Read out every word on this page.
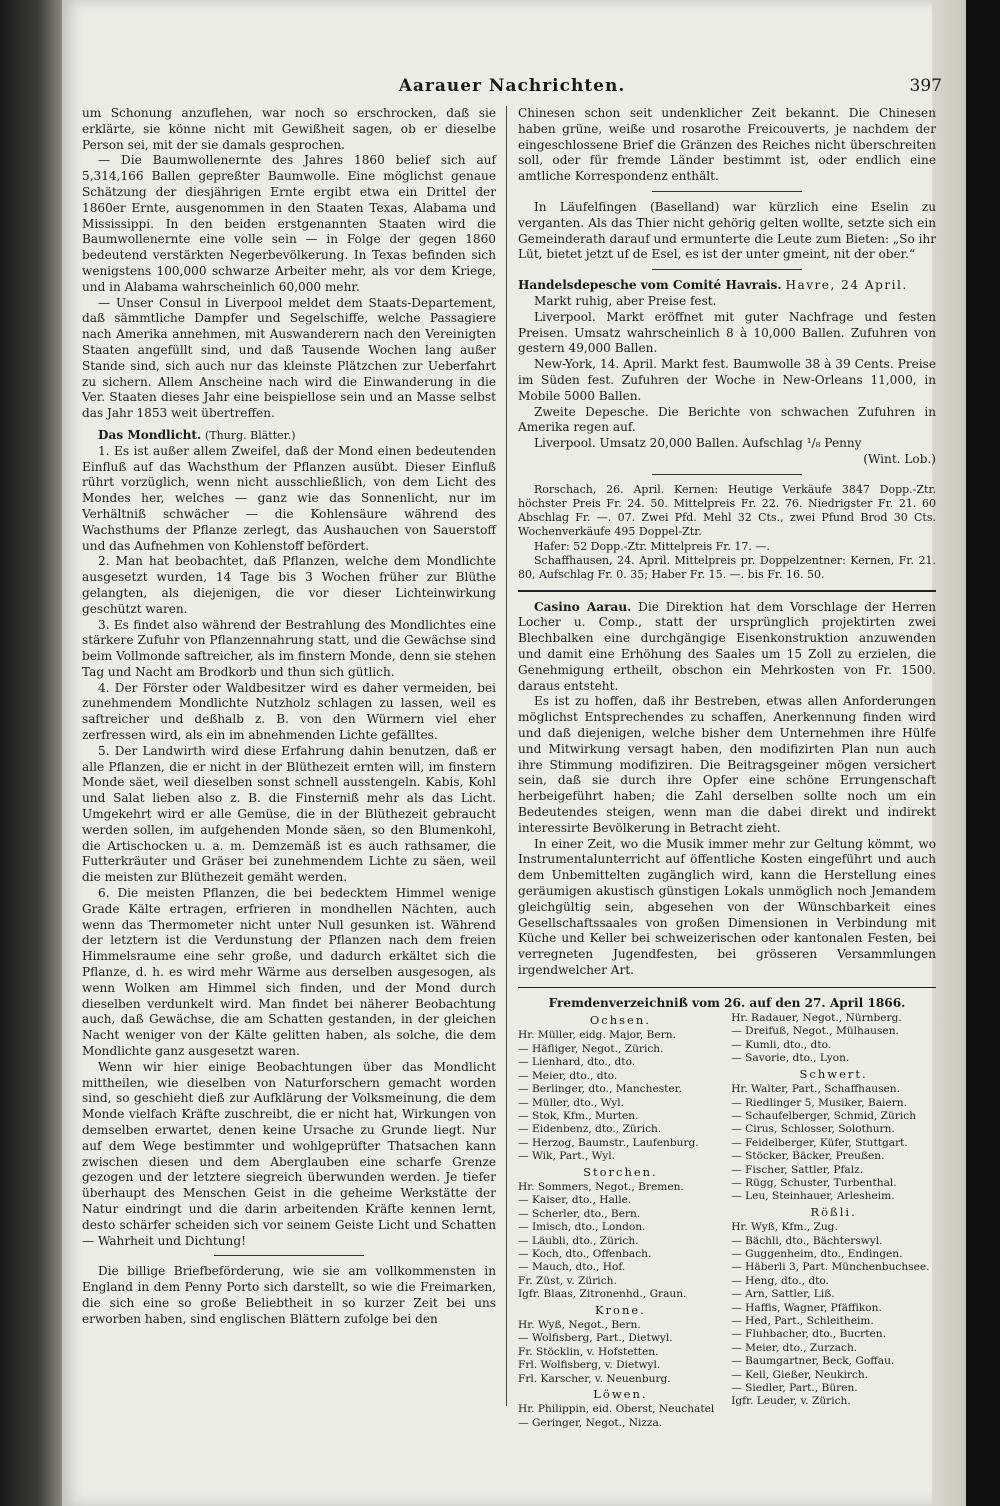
Aarauer Nachrichten.	397

um Schonung anzuflehen, war noch so erschrocken, daß sie erklärte, sie könne nicht mit Gewißheit sagen, ob er dieselbe Person sei, mit der sie damals gesprochen.

— Die Baumwollenernte des Jahres 1860 belief sich auf 5,314,166 Ballen gepreßter Baumwolle. Eine möglichst genaue Schätzung der diesjährigen Ernte ergibt etwa ein Drittel der 1860er Ernte, ausgenommen in den Staaten Texas, Alabama und Mississippi. In den beiden erstgenannten Staaten wird die Baumwollenernte eine volle sein — in Folge der gegen 1860 bedeutend verstärkten Negerbevölkerung. In Texas befinden sich wenigstens 100,000 schwarze Arbeiter mehr, als vor dem Kriege, und in Alabama wahrscheinlich 60,000 mehr.

— Unser Consul in Liverpool meldet dem Staats-Departement, daß sämmtliche Dampfer und Segelschiffe, welche Passagiere nach Amerika annehmen, mit Auswanderern nach den Vereinigten Staaten angefüllt sind, und daß Tausende Wochen lang außer Stande sind, sich auch nur das kleinste Plätzchen zur Ueberfahrt zu sichern. Allem Anscheine nach wird die Einwanderung in die Ver. Staaten dieses Jahr eine beispiellose sein und an Masse selbst das Jahr 1853 weit übertreffen.

Das Mondlicht. (Thurg. Blätter.)

1. Es ist außer allem Zweifel, daß der Mond einen bedeutenden Einfluß auf das Wachsthum der Pflanzen ausübt. Dieser Einfluß rührt vorzüglich, wenn nicht ausschließlich, von dem Licht des Mondes her, welches — ganz wie das Sonnenlicht, nur im Verhältniß schwächer — die Kohlensäure während des Wachsthums der Pflanze zerlegt, das Aushauchen von Sauerstoff und das Aufnehmen von Kohlenstoff befördert.

2. Man hat beobachtet, daß Pflanzen, welche dem Mondlichte ausgesetzt wurden, 14 Tage bis 3 Wochen früher zur Blüthe gelangten, als diejenigen, die vor dieser Lichteinwirkung geschützt waren.

3. Es findet also während der Bestrahlung des Mondlichtes eine stärkere Zufuhr von Pflanzennahrung statt, und die Gewächse sind beim Vollmonde saftreicher, als im finstern Monde, denn sie stehen Tag und Nacht am Brodkorb und thun sich gütlich.

4. Der Förster oder Waldbesitzer wird es daher vermeiden, bei zunehmendem Mondlichte Nutzholz schlagen zu lassen, weil es saftreicher und deßhalb z. B. von den Würmern viel eher zerfressen wird, als ein im abnehmenden Lichte gefälltes.

5. Der Landwirth wird diese Erfahrung dahin benutzen, daß er alle Pflanzen, die er nicht in der Blüthezeit ernten will, im finstern Monde säet, weil dieselben sonst schnell ausstengeln. Kabis, Kohl und Salat lieben also z. B. die Finsterniß mehr als das Licht. Umgekehrt wird er alle Gemüse, die in der Blüthezeit gebraucht werden sollen, im aufgehenden Monde säen, so den Blumenkohl, die Artischocken u. a. m. Demzemäß ist es auch rathsamer, die Futterkräuter und Gräser bei zunehmendem Lichte zu säen, weil die meisten zur Blüthezeit gemäht werden.

6. Die meisten Pflanzen, die bei bedecktem Himmel wenige Grade Kälte ertragen, erfrieren in mondhellen Nächten, auch wenn das Thermometer nicht unter Null gesunken ist. Während der letztern ist die Verdunstung der Pflanzen nach dem freien Himmelsraume eine sehr große, und dadurch erkältet sich die Pflanze, d. h. es wird mehr Wärme aus derselben ausgesogen, als wenn Wolken am Himmel sich finden, und der Mond durch dieselben verdunkelt wird. Man findet bei näherer Beobachtung auch, daß Gewächse, die am Schatten gestanden, in der gleichen Nacht weniger von der Kälte gelitten haben, als solche, die dem Mondlichte ganz ausgesetzt waren.

Wenn wir hier einige Beobachtungen über das Mondlicht mittheilen, wie dieselben von Naturforschern gemacht worden sind, so geschieht dieß zur Aufklärung der Volksmeinung, die dem Monde vielfach Kräfte zuschreibt, die er nicht hat, Wirkungen von demselben erwartet, denen keine Ursache zu Grunde liegt. Nur auf dem Wege bestimmter und wohlgeprüfter Thatsachen kann zwischen diesen und dem Aberglauben eine scharfe Grenze gezogen und der letztere siegreich überwunden werden. Je tiefer überhaupt des Menschen Geist in die geheime Werkstätte der Natur eindringt und die darin arbeitenden Kräfte kennen lernt, desto schärfer scheiden sich vor seinem Geiste Licht und Schatten — Wahrheit und Dichtung!

Die billige Briefbeförderung, wie sie am vollkommensten in England in dem Penny Porto sich darstellt, so wie die Freimarken, die sich eine so große Beliebtheit in so kurzer Zeit bei uns erworben haben, sind englischen Blättern zufolge bei den

Chinesen schon seit undenklicher Zeit bekannt. Die Chinesen haben grüne, weiße und rosarothe Freicouverts, je nachdem der eingeschlossene Brief die Gränzen des Reiches nicht überschreiten soll, oder für fremde Länder bestimmt ist, oder endlich eine amtliche Korrespondenz enthält.

In Läufelfingen (Baselland) war kürzlich eine Eselin zu verganten. Als das Thier nicht gehörig gelten wollte, setzte sich ein Gemeinderath darauf und ermunterte die Leute zum Bieten: „So ihr Lüt, bietet jetzt uf de Esel, es ist der unter gmeint, nit der ober.“

Handelsdepesche vom Comité Havrais. Havre, 24 April.

Markt ruhig, aber Preise fest.

Liverpool. Markt eröffnet mit guter Nachfrage und festen Preisen. Umsatz wahrscheinlich 8 à 10,000 Ballen. Zufuhren von gestern 49,000 Ballen.

New-York, 14. April. Markt fest. Baumwolle 38 à 39 Cents. Preise im Süden fest. Zufuhren der Woche in New-Orleans 11,000, in Mobile 5000 Ballen.

Zweite Depesche. Die Berichte von schwachen Zufuhren in Amerika regen auf.

Liverpool. Umsatz 20,000 Ballen. Aufschlag ¹/₈ Penny

(Wint. Lob.)

Rorschach, 26. April. Kernen: Heutige Verkäufe 3847 Dopp.-Ztr. höchster Preis Fr. 24. 50. Mittelpreis Fr. 22. 76. Niedrigster Fr. 21. 60 Abschlag Fr. —. 07. Zwei Pfd. Mehl 32 Cts., zwei Pfund Brod 30 Cts. Wochenverkäufe 495 Doppel-Ztr.

Hafer: 52 Dopp.-Ztr. Mittelpreis Fr. 17. —.

Schaffhausen, 24. April. Mittelpreis pr. Doppelzentner: Kernen, Fr. 21. 80, Aufschlag Fr. 0. 35; Haber Fr. 15. —. bis Fr. 16. 50.

Casino Aarau. Die Direktion hat dem Vorschlage der Herren Locher u. Comp., statt der ursprünglich projektirten zwei Blechbalken eine durchgängige Eisenkonstruktion anzuwenden und damit eine Erhöhung des Saales um 15 Zoll zu erzielen, die Genehmigung ertheilt, obschon ein Mehrkosten von Fr. 1500. daraus entsteht.

Es ist zu hoffen, daß ihr Bestreben, etwas allen Anforderungen möglichst Entsprechendes zu schaffen, Anerkennung finden wird und daß diejenigen, welche bisher dem Unternehmen ihre Hülfe und Mitwirkung versagt haben, den modifizirten Plan nun auch ihre Stimmung modifiziren. Die Beitragsgeiner mögen versichert sein, daß sie durch ihre Opfer eine schöne Errungenschaft herbeigeführt haben; die Zahl derselben sollte noch um ein Bedeutendes steigen, wenn man die dabei direkt und indirekt interessirte Bevölkerung in Betracht zieht.

In einer Zeit, wo die Musik immer mehr zur Geltung kömmt, wo Instrumentalunterricht auf öffentliche Kosten eingeführt und auch dem Unbemittelten zugänglich wird, kann die Herstellung eines geräumigen akustisch günstigen Lokals unmöglich noch Jemandem gleichgültig sein, abgesehen von der Wünschbarkeit eines Gesellschaftssaales von großen Dimensionen in Verbindung mit Küche und Keller bei schweizerischen oder kantonalen Festen, bei verregneten Jugendfesten, bei grösseren Versammlungen irgendwelcher Art.

Fremdenverzeichniß vom 26. auf den 27. April 1866.

Ochsen.
Hr. Müller, eidg. Major, Bern.
— Häfliger, Negot., Zürich.
— Lienhard, dto., dto.
— Meier, dto., dto.
— Berlinger, dto., Manchester.
— Müller, dto., Wyl.
— Stok, Kfm., Murten.
— Eidenbenz, dto., Zürich.
— Herzog, Baumstr., Laufenburg.
— Wik, Part., Wyl.
Storchen.
Hr. Sommers, Negot., Bremen.
— Kaiser, dto., Halle.
— Scherler, dto., Bern.
— Imisch, dto., London.
— Läubli, dto., Zürich.
— Koch, dto., Offenbach.
— Mauch, dto., Hof.
Fr. Züst, v. Zürich.
Igfr. Blaas, Zitronenhd., Graun.
Krone.
Hr. Wyß, Negot., Bern.
— Wolfisberg, Part., Dietwyl.
Fr. Stöcklin, v. Hofstetten.
Frl. Wolfisberg, v. Dietwyl.
Frl. Karscher, v. Neuenburg.
Löwen.
Hr. Philippin, eid. Oberst, Neuchatel
— Geringer, Negot., Nizza.
Hr. Radauer, Negot., Nürnberg.
— Dreifuß, Negot., Mülhausen.
— Kumli, dto., dto.
— Savorie, dto., Lyon.
Schwert.
Hr. Walter, Part., Schaffhausen.
— Riedlinger 5, Musiker, Baiern.
— Schaufelberger, Schmid, Zürich
— Cirus, Schlosser, Solothurn.
— Feidelberger, Küfer, Stuttgart.
— Stöcker, Bäcker, Preußen.
— Fischer, Sattler, Pfalz.
— Rügg, Schuster, Turbenthal.
— Leu, Steinhauer, Arlesheim.
Rößli.
Hr. Wyß, Kfm., Zug.
— Bächli, dto., Bächterswyl.
— Guggenheim, dto., Endingen.
— Häberli 3, Part. Münchenbuchsee.
— Heng, dto., dto.
— Arn, Sattler, Liß.
— Haffis, Wagner, Pfäffikon.
— Hed, Part., Schleitheim.
— Fluhbacher, dto., Bucrten.
— Meier, dto., Zurzach.
— Baumgartner, Beck, Goffau.
— Kell, Gießer, Neukirch.
— Siedler, Part., Büren.
Igfr. Leuder, v. Zürich.
